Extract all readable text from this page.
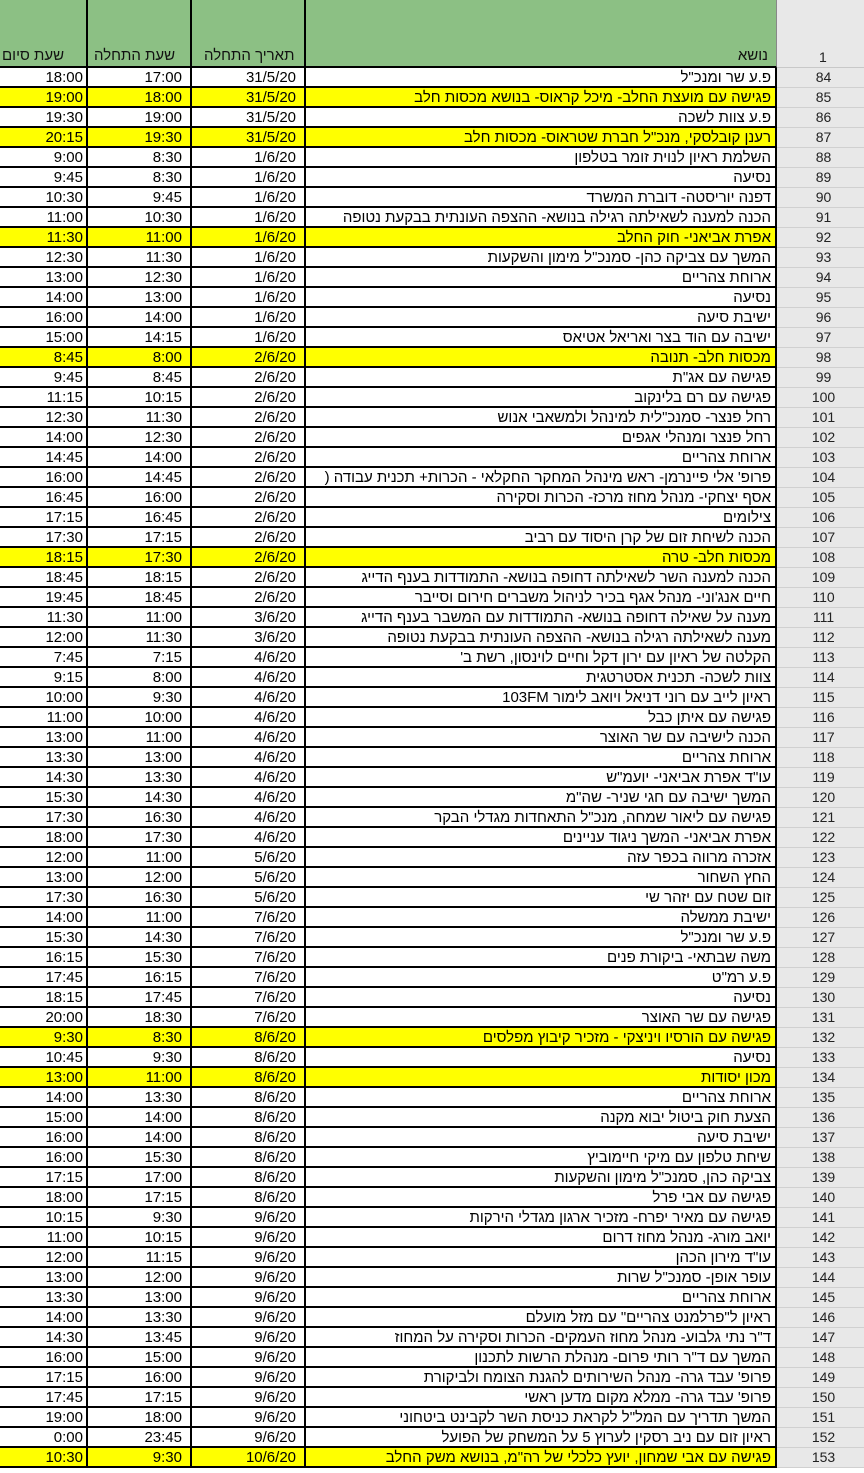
שעת סיום שעת התחלה תאריך התחלה	נושא	1
18:00	17:00	31/5/20	פ.ע שר ומנכ"ל	84
19:00	18:00	31/5/20	פגישה עם מועצת החלב- מיכל קראוס- בנושא מכסות חלב	85
19:30	19:00	31/5/20	פ.ע צוות לשכה	86
20:15	19:30	31/5/20	רענן קובלסקי, מנכ"ל חברת שטראוס- מכסות חלב	87
9:00	8:30	1/6/20	השלמת ראיון לנוית זומר בטלפון	88
9:45	8:30	1/6/20	נסיעה	89
10:30	9:45	1/6/20	דפנה יוריסטה- דוברת המשרד	90
11:00	10:30	1/6/20	הכנה למענה לשאילתה רגילה בנושא- ההצפה העונתית בבקעת נטופה	91
11:30	11:00	1/6/20	אפרת אביאני- חוק החלב	92
12:30	11:30	1/6/20	המשך עם צביקה כהן- סמנכ"ל מימון והשקעות	93
13:00	12:30	1/6/20	ארוחת צהריים	94
14:00	13:00	1/6/20	נסיעה	95
16:00	14:00	1/6/20	ישיבת סיעה	96
15:00	14:15	1/6/20	ישיבה עם הוד בצר ואריאל אטיאס	97
8:45	8:00	2/6/20	מכסות חלב- תנובה	98
9:45	8:45	2/6/20	פגישה עם אג"ת	99
11:15	10:15	2/6/20	פגישה עם רם בלינקוב	100
12:30	11:30	2/6/20	רחל פנצר- סמנכ"לית למינהל ולמשאבי אנוש	101
14:00	12:30	2/6/20	רחל פנצר ומנהלי אגפים	102
14:45	14:00	2/6/20	ארוחת צהריים	103
16:00	14:45	2/6/20	פרופ' אלי פיינרמן- ראש מינהל המחקר החקלאי - הכרות+ תכנית עבודה (	104
16:45	16:00	2/6/20	אסף יצחקי- מנהל מחוז מרכז- הכרות וסקירה	105
17:15	16:45	2/6/20	צילומים	106
17:30	17:15	2/6/20	הכנה לשיחת זום של קרן היסוד עם רביב	107
18:15	17:30	2/6/20	מכסות חלב- טרה	108
18:45	18:15	2/6/20	הכנה למענה השר לשאילתה דחופה בנושא- התמודדות בענף הדייג	109
19:45	18:45	2/6/20	חיים אנג'וני- מנהל אגף בכיר לניהול משברים חירום וסייבר	110
11:30	11:00	3/6/20	מענה על שאילה דחופה בנושא- התמודדות עם המשבר בענף הדייג	111
12:00	11:30	3/6/20	מענה לשאילתה רגילה בנושא- ההצפה העונתית בבקעת נטופה	112
7:45	7:15	4/6/20	הקלטה של ראיון עם ירון דקל וחיים לוינסון, רשת ב'	113
9:15	8:00	4/6/20	צוות לשכה- תכנית אסטרטגית	114
10:00	9:30	4/6/20	ראיון לייב עם רוני דניאל ויואב לימור 103FM	115
11:00	10:00	4/6/20	פגישה עם איתן כבל	116
13:00	11:00	4/6/20	הכנה לישיבה עם שר האוצר	117
13:30	13:00	4/6/20	ארוחת צהריים	118
14:30	13:30	4/6/20	עו"ד אפרת אביאני- יועמ"ש	119
15:30	14:30	4/6/20	המשך ישיבה עם חגי שניר- שה"מ	120
17:30	16:30	4/6/20	פגישה עם ליאור שמחה, מנכ"ל התאחדות מגדלי הבקר	121
18:00	17:30	4/6/20	אפרת אביאני- המשך ניגוד עניינים	122
12:00	11:00	5/6/20	אזכרה מרווה בכפר עזה	123
13:00	12:00	5/6/20	החץ השחור	124
17:30	16:30	5/6/20	זום שטח עם יזהר שי	125
14:00	11:00	7/6/20	ישיבת ממשלה	126
15:30	14:30	7/6/20	פ.ע שר ומנכ"ל	127
16:15	15:30	7/6/20	משה שבתאי- ביקורת פנים	128
17:45	16:15	7/6/20	פ.ע רמ"ט	129
18:15	17:45	7/6/20	נסיעה	130
20:00	18:30	7/6/20	פגישה עם שר האוצר	131
9:30	8:30	8/6/20	פגישה עם הורסיו ויניצקי - מזכיר קיבוץ מפלסים	132
10:45	9:30	8/6/20	נסיעה	133
13:00	11:00	8/6/20	מכון יסודות	134
14:00	13:30	8/6/20	ארוחת צהריים	135
15:00	14:00	8/6/20	הצעת חוק ביטול יבוא מקנה	136
16:00	14:00	8/6/20	ישיבת סיעה	137
16:00	15:30	8/6/20	שיחת טלפון עם מיקי חיימוביץ	138
17:15	17:00	8/6/20	צביקה כהן, סמנכ"ל מימון והשקעות	139
18:00	17:15	8/6/20	פגישה עם אבי פרל	140
10:15	9:30	9/6/20	פגישה עם מאיר יפרח- מזכיר ארגון מגדלי הירקות	141
11:00	10:15	9/6/20	יואב מורג- מנהל מחוז דרום	142
12:00	11:15	9/6/20	עו"ד מירון הכהן	143
13:00	12:00	9/6/20	עופר אופן- סמנכ"ל שרות	144
13:30	13:00	9/6/20	ארוחת צהריים	145
14:00	13:30	9/6/20	ראיון ל"פרלמנט צהריים" עם מזל מועלם	146
14:30	13:45	9/6/20	ד"ר נתי גלבוע- מנהל מחוז העמקים- הכרות וסקירה על המחוז	147
16:00	15:00	9/6/20	המשך עם ד"ר רותי פרום- מנהלת הרשות לתכנון	148
17:15	16:00	9/6/20	פרופ' עבד גרה- מנהל השירותים להגנת הצומח ולביקורת	149
17:45	17:15	9/6/20	פרופ' עבד גרה- ממלא מקום מדען ראשי	150
19:00	18:00	9/6/20	המשך תדריך עם המל"ל לקראת כניסת השר לקבינט ביטחוני	151
0:00	23:45	9/6/20	ראיון זום עם ניב רסקין לערוץ 5 על המשחק של הפועל	152
10:30	9:30	10/6/20	פגישה עם אבי שמחון, יועץ כלכלי של רה"מ, בנושא משק החלב	153
